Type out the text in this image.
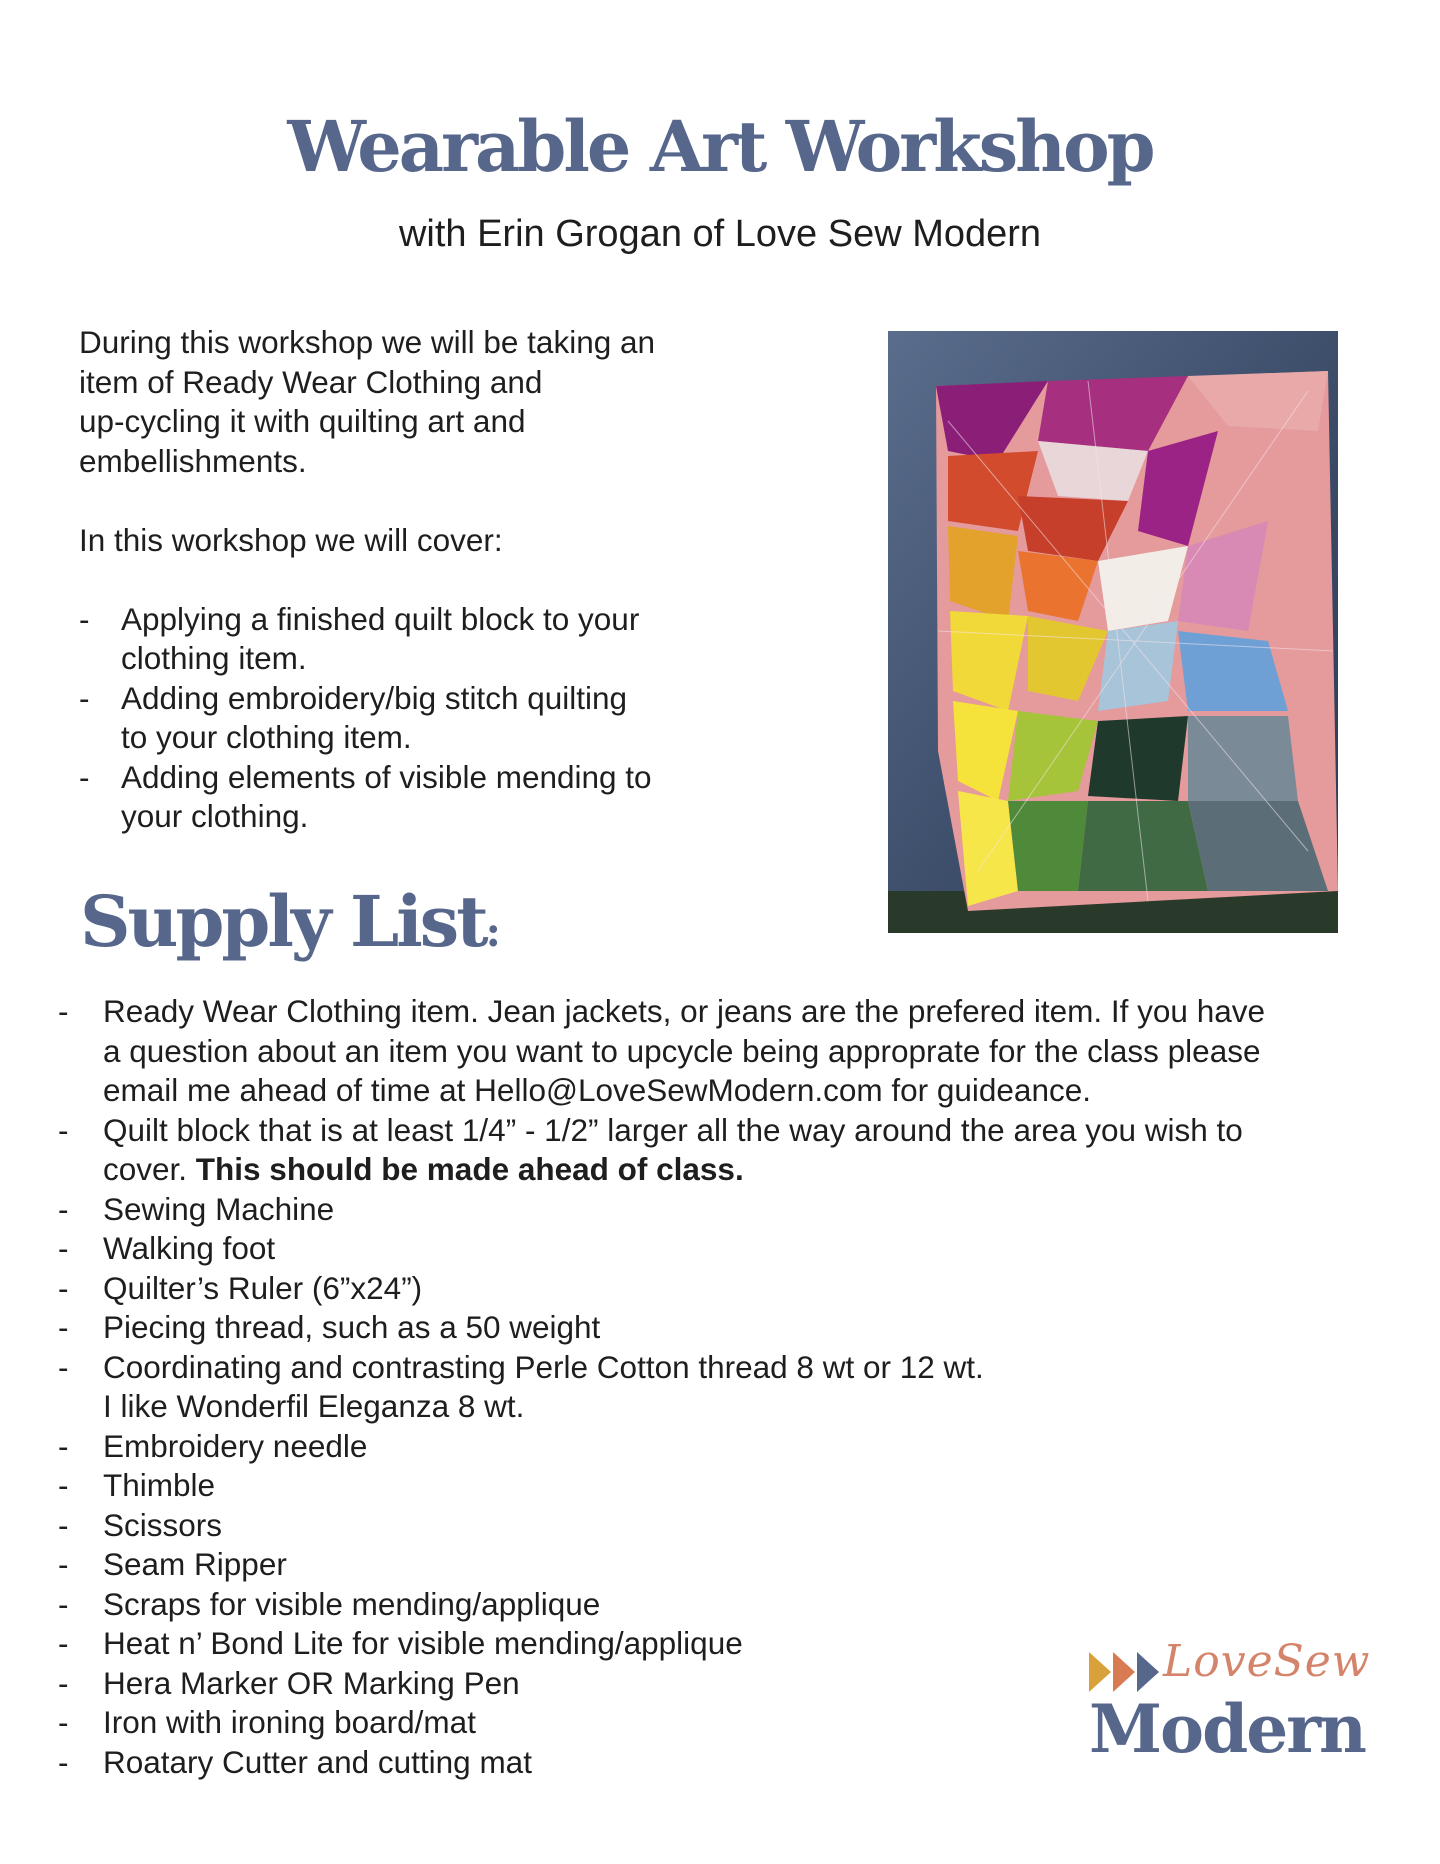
Wearable Art Workshop
with Erin Grogan of Love Sew Modern

During this workshop we will be taking an

item of Ready Wear Clothing and

up-cycling it with quilting art and

embellishments.

In this workshop we will cover:

- Applying a finished quilt block to your
clothing item.
- Adding embroidery/big stitch quilting
to your clothing item.
- Adding elements of visible mending to
your clothing.
Supply List:
- Ready Wear Clothing item. Jean jackets, or jeans are the prefered item. If you have
a question about an item you want to upcycle being approprate for the class please
email me ahead of time at Hello@LoveSewModern.com for guideance.
- Quilt block that is at least 1/4” - 1/2” larger all the way around the area you wish to
cover. This should be made ahead of class.
- Sewing Machine
- Walking foot
- Quilter’s Ruler (6”x24”)
- Piecing thread, such as a 50 weight
- Coordinating and contrasting Perle Cotton thread 8 wt or 12 wt.
I like Wonderfil Eleganza 8 wt.
- Embroidery needle
- Thimble
- Scissors
- Seam Ripper
- Scraps for visible mending/applique
- Heat n’ Bond Lite for visible mending/applique
- Hera Marker OR Marking Pen
- Iron with ironing board/mat
- Roatary Cutter and cutting mat
LoveSew
Modern
